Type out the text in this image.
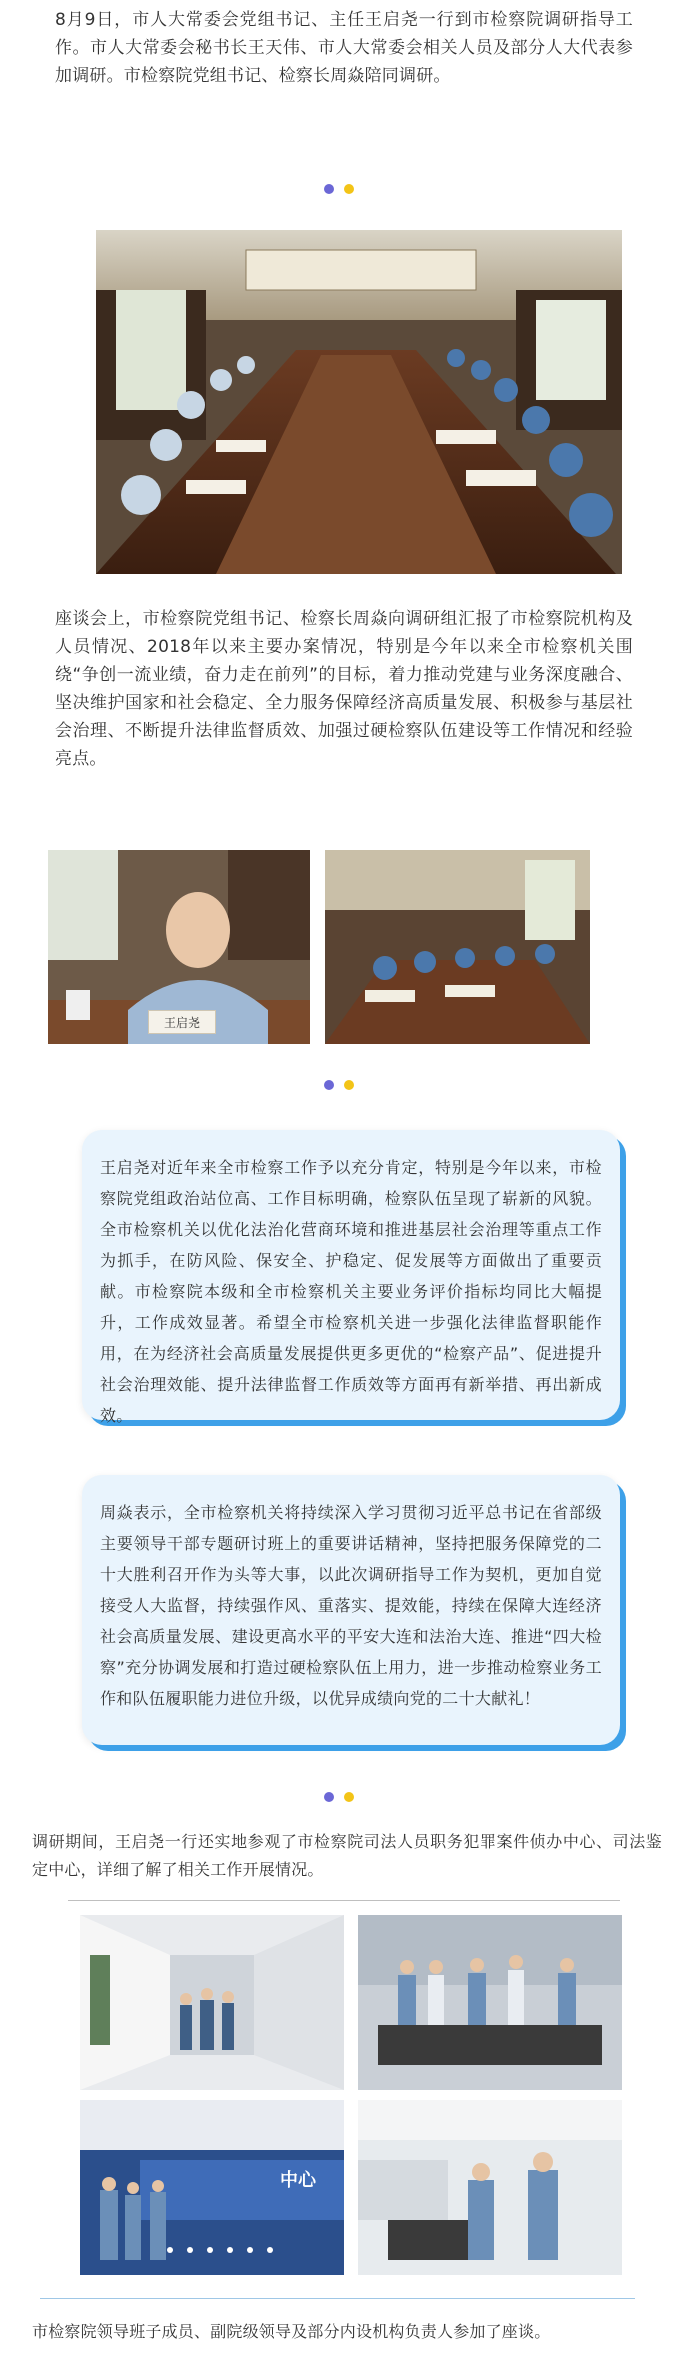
8月9日，市人大常委会党组书记、主任王启尧一行到市检察院调研指导工作。市人大常委会秘书长王天伟、市人大常委会相关人员及部分人大代表参加调研。市检察院党组书记、检察长周焱陪同调研。

座谈会上，市检察院党组书记、检察长周焱向调研组汇报了市检察院机构及人员情况、2018年以来主要办案情况，特别是今年以来全市检察机关围绕“争创一流业绩，奋力走在前列”的目标，着力推动党建与业务深度融合、坚决维护国家和社会稳定、全力服务保障经济高质量发展、积极参与基层社会治理、不断提升法律监督质效、加强过硬检察队伍建设等工作情况和经验亮点。

王启尧

王启尧对近年来全市检察工作予以充分肯定，特别是今年以来，市检察院党组政治站位高、工作目标明确，检察队伍呈现了崭新的风貌。全市检察机关以优化法治化营商环境和推进基层社会治理等重点工作为抓手，在防风险、保安全、护稳定、促发展等方面做出了重要贡献。市检察院本级和全市检察机关主要业务评价指标均同比大幅提升，工作成效显著。希望全市检察机关进一步强化法律监督职能作用，在为经济社会高质量发展提供更多更优的“检察产品”、促进提升社会治理效能、提升法律监督工作质效等方面再有新举措、再出新成效。

周焱表示，全市检察机关将持续深入学习贯彻习近平总书记在省部级主要领导干部专题研讨班上的重要讲话精神，坚持把服务保障党的二十大胜利召开作为头等大事，以此次调研指导工作为契机，更加自觉接受人大监督，持续强作风、重落实、提效能，持续在保障大连经济社会高质量发展、建设更高水平的平安大连和法治大连、推进“四大检察”充分协调发展和打造过硬检察队伍上用力，进一步推动检察业务工作和队伍履职能力进位升级，以优异成绩向党的二十大献礼！

调研期间，王启尧一行还实地参观了市检察院司法人员职务犯罪案件侦办中心、司法鉴定中心，详细了解了相关工作开展情况。

中心

市检察院领导班子成员、副院级领导及部分内设机构负责人参加了座谈。
